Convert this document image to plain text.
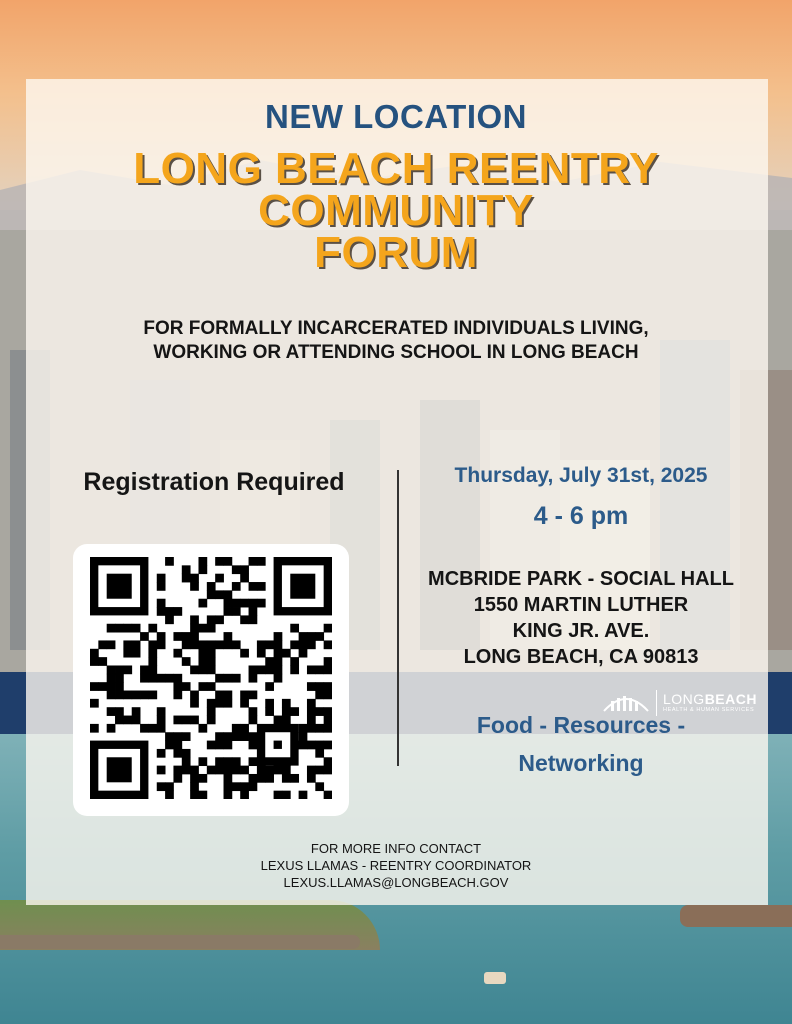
NEW LOCATION
LONG BEACH REENTRY
COMMUNITY
FORUM
FOR FORMALLY INCARCERATED INDIVIDUALS LIVING,
WORKING OR ATTENDING SCHOOL IN LONG BEACH
Registration Required	Thursday, July 31st, 2025
4 - 6 pm
MCBRIDE PARK - SOCIAL HALL
1550 MARTIN LUTHER
KING JR. AVE.
LONG BEACH, CA 90813
LONGBEACH
HEALTH & HUMAN SERVICES
Food - Resources -
Networking
FOR MORE INFO CONTACT
LEXUS LLAMAS - REENTRY COORDINATOR
LEXUS.LLAMAS@LONGBEACH.GOV
